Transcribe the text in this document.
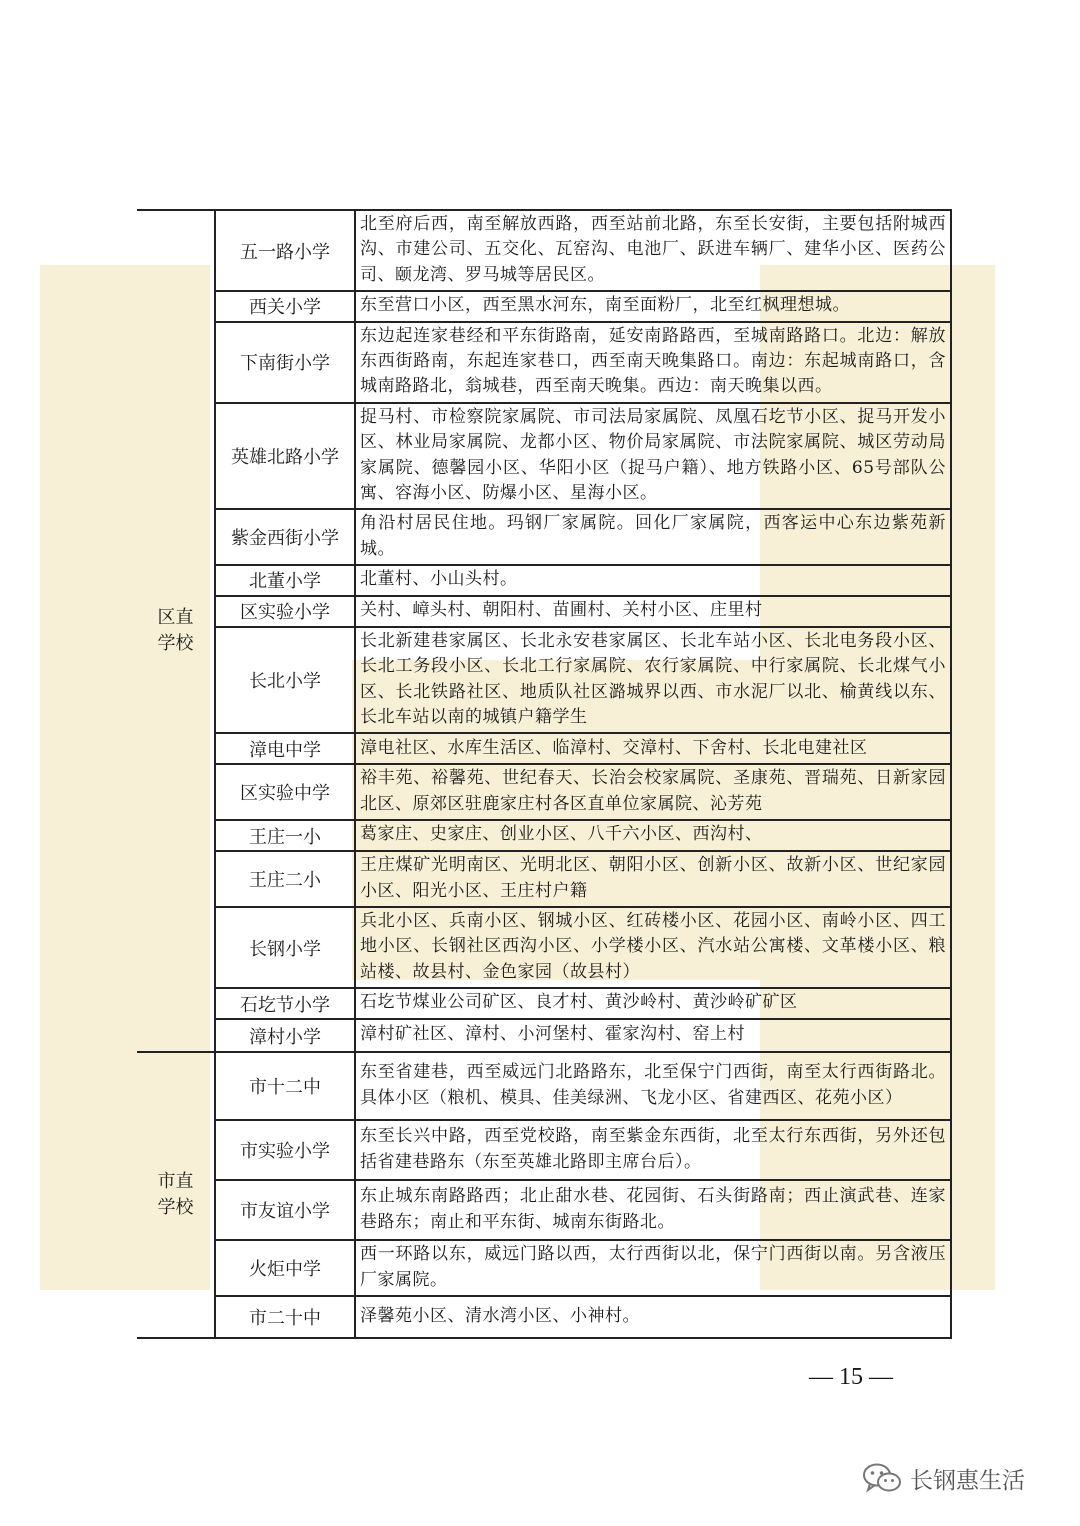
区直学校	五一路小学	北至府后西，南至解放西路，西至站前北路，东至长安街，主要包括附城西沟、市建公司、五交化、瓦窑沟、电池厂、跃进车辆厂、建华小区、医药公司、颐龙湾、罗马城等居民区。
	西关小学	东至营口小区，西至黑水河东，南至面粉厂，北至红枫理想城。
	下南街小学	东边起连家巷经和平东街路南，延安南路路西，至城南路路口。北边：解放东西街路南，东起连家巷口，西至南天晚集路口。南边：东起城南路口，含城南路路北，翁城巷，西至南天晚集。西边：南天晚集以西。
	英雄北路小学	捉马村、市检察院家属院、市司法局家属院、凤凰石圪节小区、捉马开发小区、林业局家属院、龙都小区、物价局家属院、市法院家属院、城区劳动局家属院、德馨园小区、华阳小区（捉马户籍）、地方铁路小区、65号部队公寓、容海小区、防爆小区、星海小区。
	紫金西街小学	角沿村居民住地。玛钢厂家属院。回化厂家属院，西客运中心东边紫苑新城。
	北董小学	北董村、小山头村。
	区实验小学	关村、嶂头村、朝阳村、苗圃村、关村小区、庄里村
	长北小学	长北新建巷家属区、长北永安巷家属区、长北车站小区、长北电务段小区、长北工务段小区、长北工行家属院、农行家属院、中行家属院、长北煤气小区、长北铁路社区、地质队社区潞城界以西、市水泥厂以北、榆黄线以东、长北车站以南的城镇户籍学生
	漳电中学	漳电社区、水库生活区、临漳村、交漳村、下舍村、长北电建社区
	区实验中学	裕丰苑、裕馨苑、世纪春天、长治会校家属院、圣康苑、晋瑞苑、日新家园北区、原郊区驻鹿家庄村各区直单位家属院、沁芳苑
	王庄一小	葛家庄、史家庄、创业小区、八千六小区、西沟村、
	王庄二小	王庄煤矿光明南区、光明北区、朝阳小区、创新小区、故新小区、世纪家园小区、阳光小区、王庄村户籍
	长钢小学	兵北小区、兵南小区、钢城小区、红砖楼小区、花园小区、南岭小区、四工地小区、长钢社区西沟小区、小学楼小区、汽水站公寓楼、文革楼小区、粮站楼、故县村、金色家园（故县村）
	石圪节小学	石圪节煤业公司矿区、良才村、黄沙岭村、黄沙岭矿矿区
	漳村小学	漳村矿社区、漳村、小河堡村、霍家沟村、窑上村
市直学校	市十二中	东至省建巷，西至威远门北路路东，北至保宁门西街，南至太行西街路北。具体小区（粮机、模具、佳美绿洲、飞龙小区、省建西区、花苑小区）
	市实验小学	东至长兴中路，西至党校路，南至紫金东西街，北至太行东西街，另外还包括省建巷路东（东至英雄北路即主席台后）。
	市友谊小学	东止城东南路路西；北止甜水巷、花园街、石头街路南；西止演武巷、连家巷路东；南止和平东街、城南东街路北。
	火炬中学	西一环路以东，威远门路以西，太行西街以北，保宁门西街以南。另含液压厂家属院。
	市二十中	泽馨苑小区、清水湾小区、小神村。
— 15 —
长钢惠生活
